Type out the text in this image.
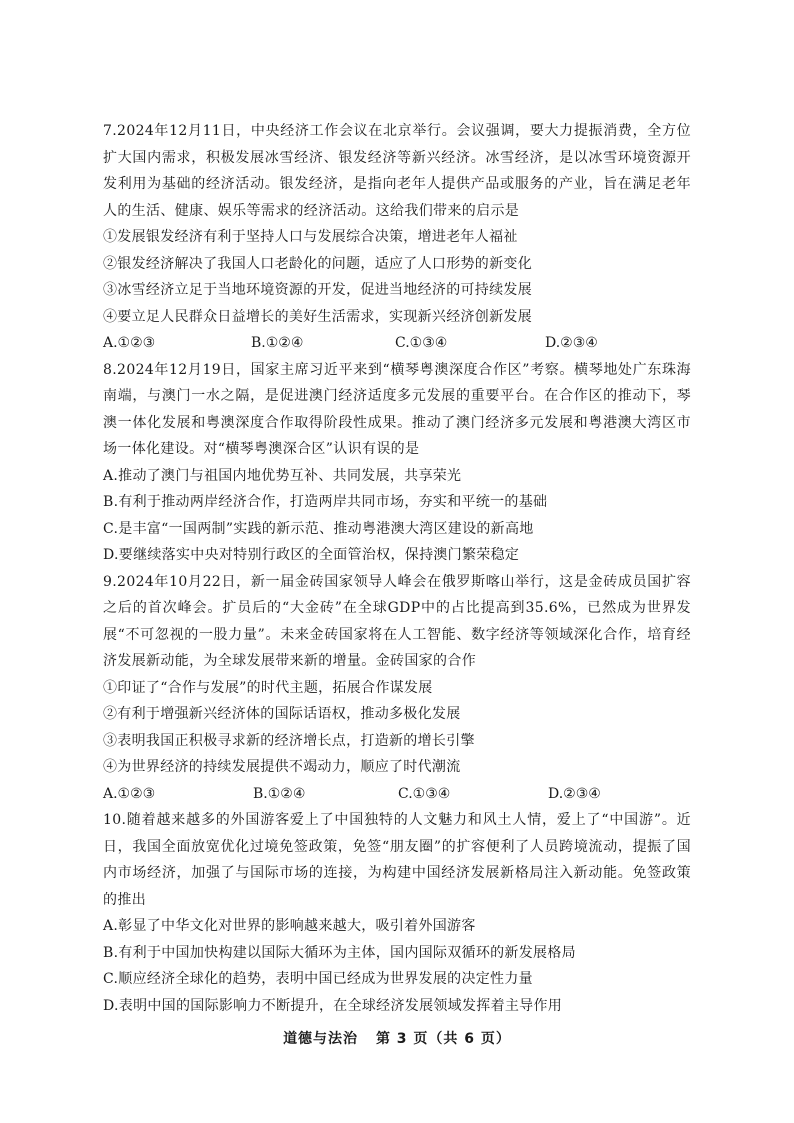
7.2024年12月11日，中央经济工作会议在北京举行。会议强调，要大力提振消费，全方位扩大国内需求，积极发展冰雪经济、银发经济等新兴经济。冰雪经济，是以冰雪环境资源开发利用为基础的经济活动。银发经济，是指向老年人提供产品或服务的产业，旨在满足老年人的生活、健康、娱乐等需求的经济活动。这给我们带来的启示是

①发展银发经济有利于坚持人口与发展综合决策，增进老年人福祉

②银发经济解决了我国人口老龄化的问题，适应了人口形势的新变化

③冰雪经济立足于当地环境资源的开发，促进当地经济的可持续发展

④要立足人民群众日益增长的美好生活需求，实现新兴经济创新发展

A.①②③	B.①②④	C.①③④	D.②③④

8.2024年12月19日，国家主席习近平来到“横琴粤澳深度合作区”考察。横琴地处广东珠海南端，与澳门一水之隔，是促进澳门经济适度多元发展的重要平台。在合作区的推动下，琴澳一体化发展和粤澳深度合作取得阶段性成果。推动了澳门经济多元发展和粤港澳大湾区市场一体化建设。对“横琴粤澳深合区”认识有误的是

A.推动了澳门与祖国内地优势互补、共同发展，共享荣光

B.有利于推动两岸经济合作，打造两岸共同市场，夯实和平统一的基础

C.是丰富“一国两制”实践的新示范、推动粤港澳大湾区建设的新高地

D.要继续落实中央对特别行政区的全面管治权，保持澳门繁荣稳定

9.2024年10月22日，新一届金砖国家领导人峰会在俄罗斯喀山举行，这是金砖成员国扩容之后的首次峰会。扩员后的“大金砖”在全球GDP中的占比提高到35.6%，已然成为世界发展“不可忽视的一股力量”。未来金砖国家将在人工智能、数字经济等领域深化合作，培育经济发展新动能，为全球发展带来新的增量。金砖国家的合作

①印证了“合作与发展”的时代主题，拓展合作谋发展

②有利于增强新兴经济体的国际话语权，推动多极化发展

③表明我国正积极寻求新的经济增长点，打造新的增长引擎

④为世界经济的持续发展提供不竭动力，顺应了时代潮流

A.①②③	B.①②④	C.①③④	D.②③④

10.随着越来越多的外国游客爱上了中国独特的人文魅力和风土人情，爱上了“中国游”。近日，我国全面放宽优化过境免签政策，免签“朋友圈”的扩容便利了人员跨境流动，提振了国内市场经济，加强了与国际市场的连接，为构建中国经济发展新格局注入新动能。免签政策的推出

A.彰显了中华文化对世界的影响越来越大，吸引着外国游客

B.有利于中国加快构建以国际大循环为主体，国内国际双循环的新发展格局

C.顺应经济全球化的趋势，表明中国已经成为世界发展的决定性力量

D.表明中国的国际影响力不断提升，在全球经济发展领域发挥着主导作用

道德与法治 第 3 页（共 6 页）
